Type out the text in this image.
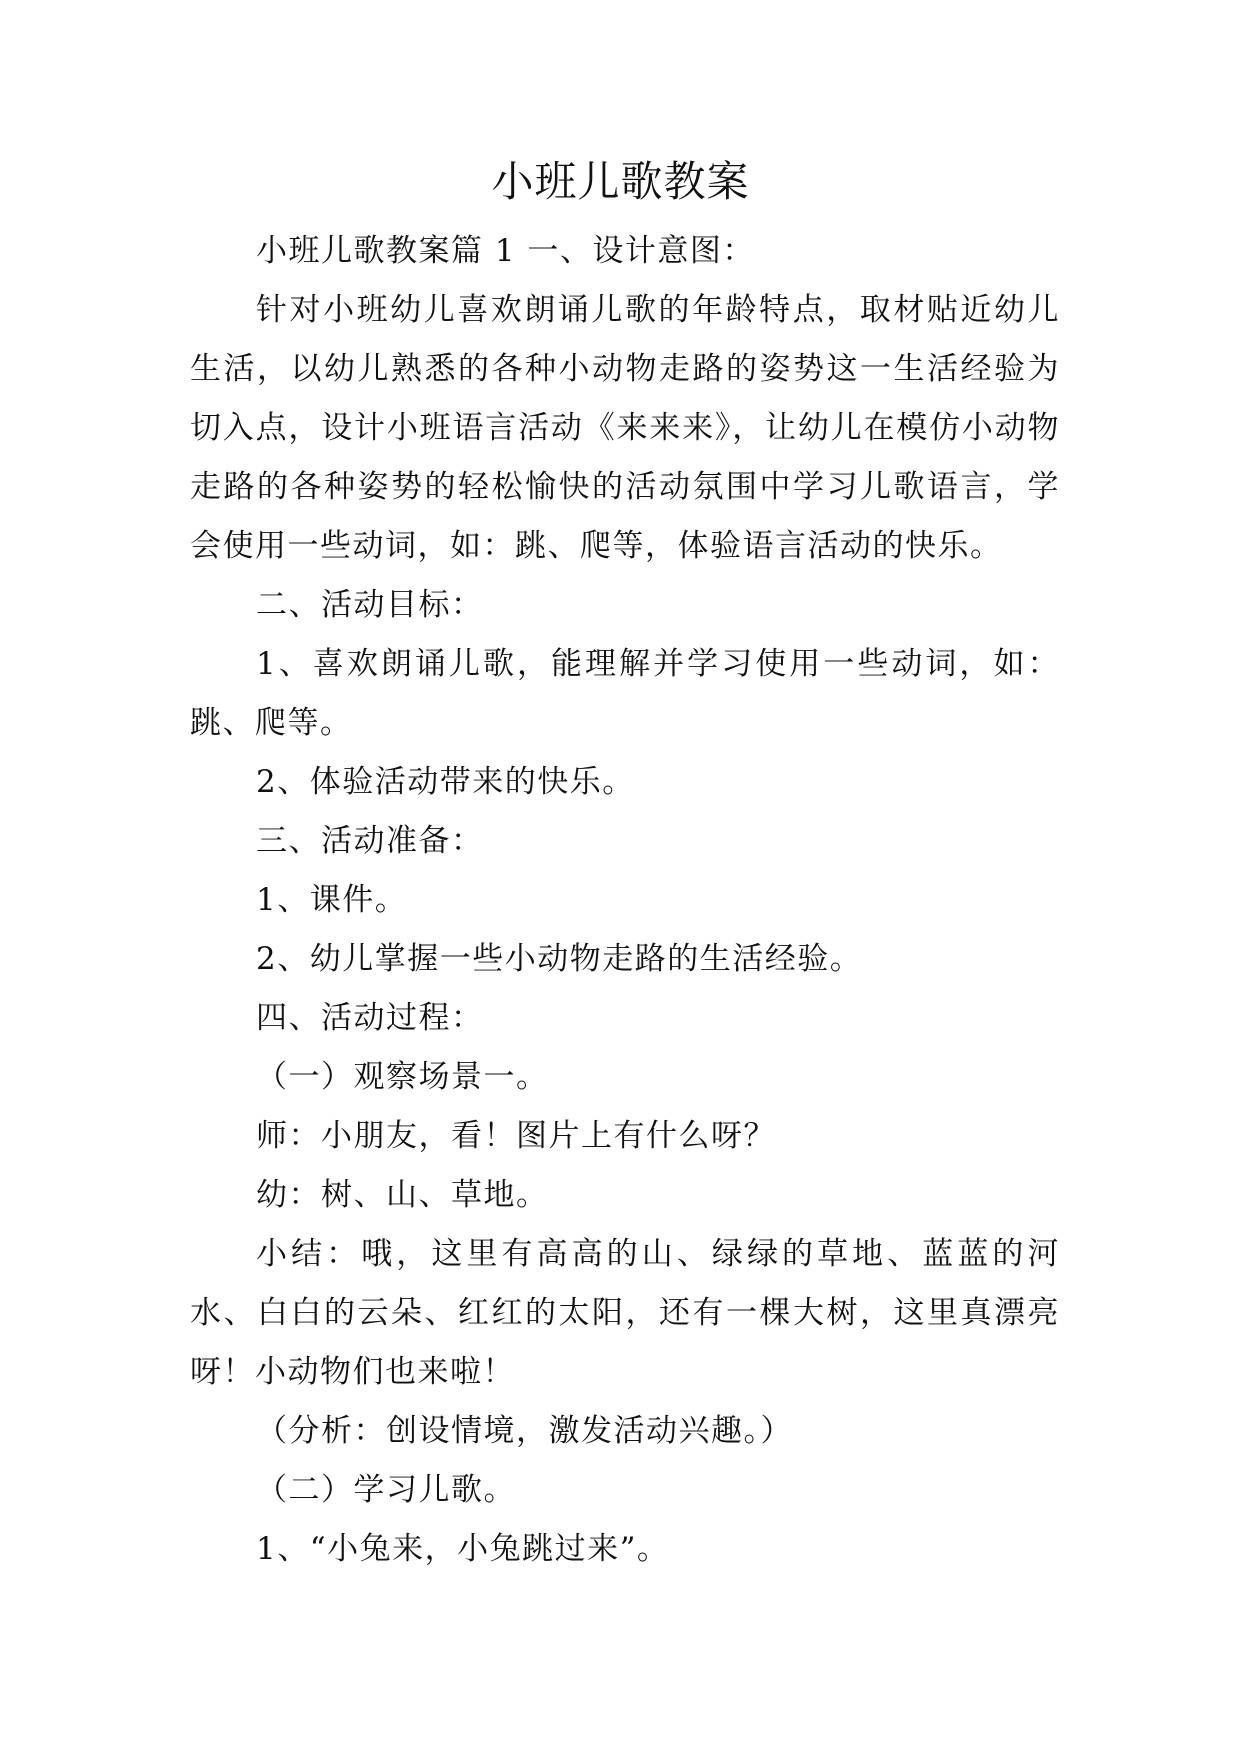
小班儿歌教案

小班儿歌教案篇 1 一、设计意图：

针对小班幼儿喜欢朗诵儿歌的年龄特点，取材贴近幼儿生活，以幼儿熟悉的各种小动物走路的姿势这一生活经验为切入点，设计小班语言活动《来来来》，让幼儿在模仿小动物走路的各种姿势的轻松愉快的活动氛围中学习儿歌语言，学会使用一些动词，如：跳、爬等，体验语言活动的快乐。

二、活动目标：

1、喜欢朗诵儿歌，能理解并学习使用一些动词，如：跳、爬等。

2、体验活动带来的快乐。

三、活动准备：

1、课件。

2、幼儿掌握一些小动物走路的生活经验。

四、活动过程：

（一）观察场景一。

师：小朋友，看！图片上有什么呀？

幼：树、山、草地。

小结：哦，这里有高高的山、绿绿的草地、蓝蓝的河水、白白的云朵、红红的太阳，还有一棵大树，这里真漂亮呀！小动物们也来啦！

（分析：创设情境，激发活动兴趣。）

（二）学习儿歌。

1、“小兔来，小兔跳过来”。
